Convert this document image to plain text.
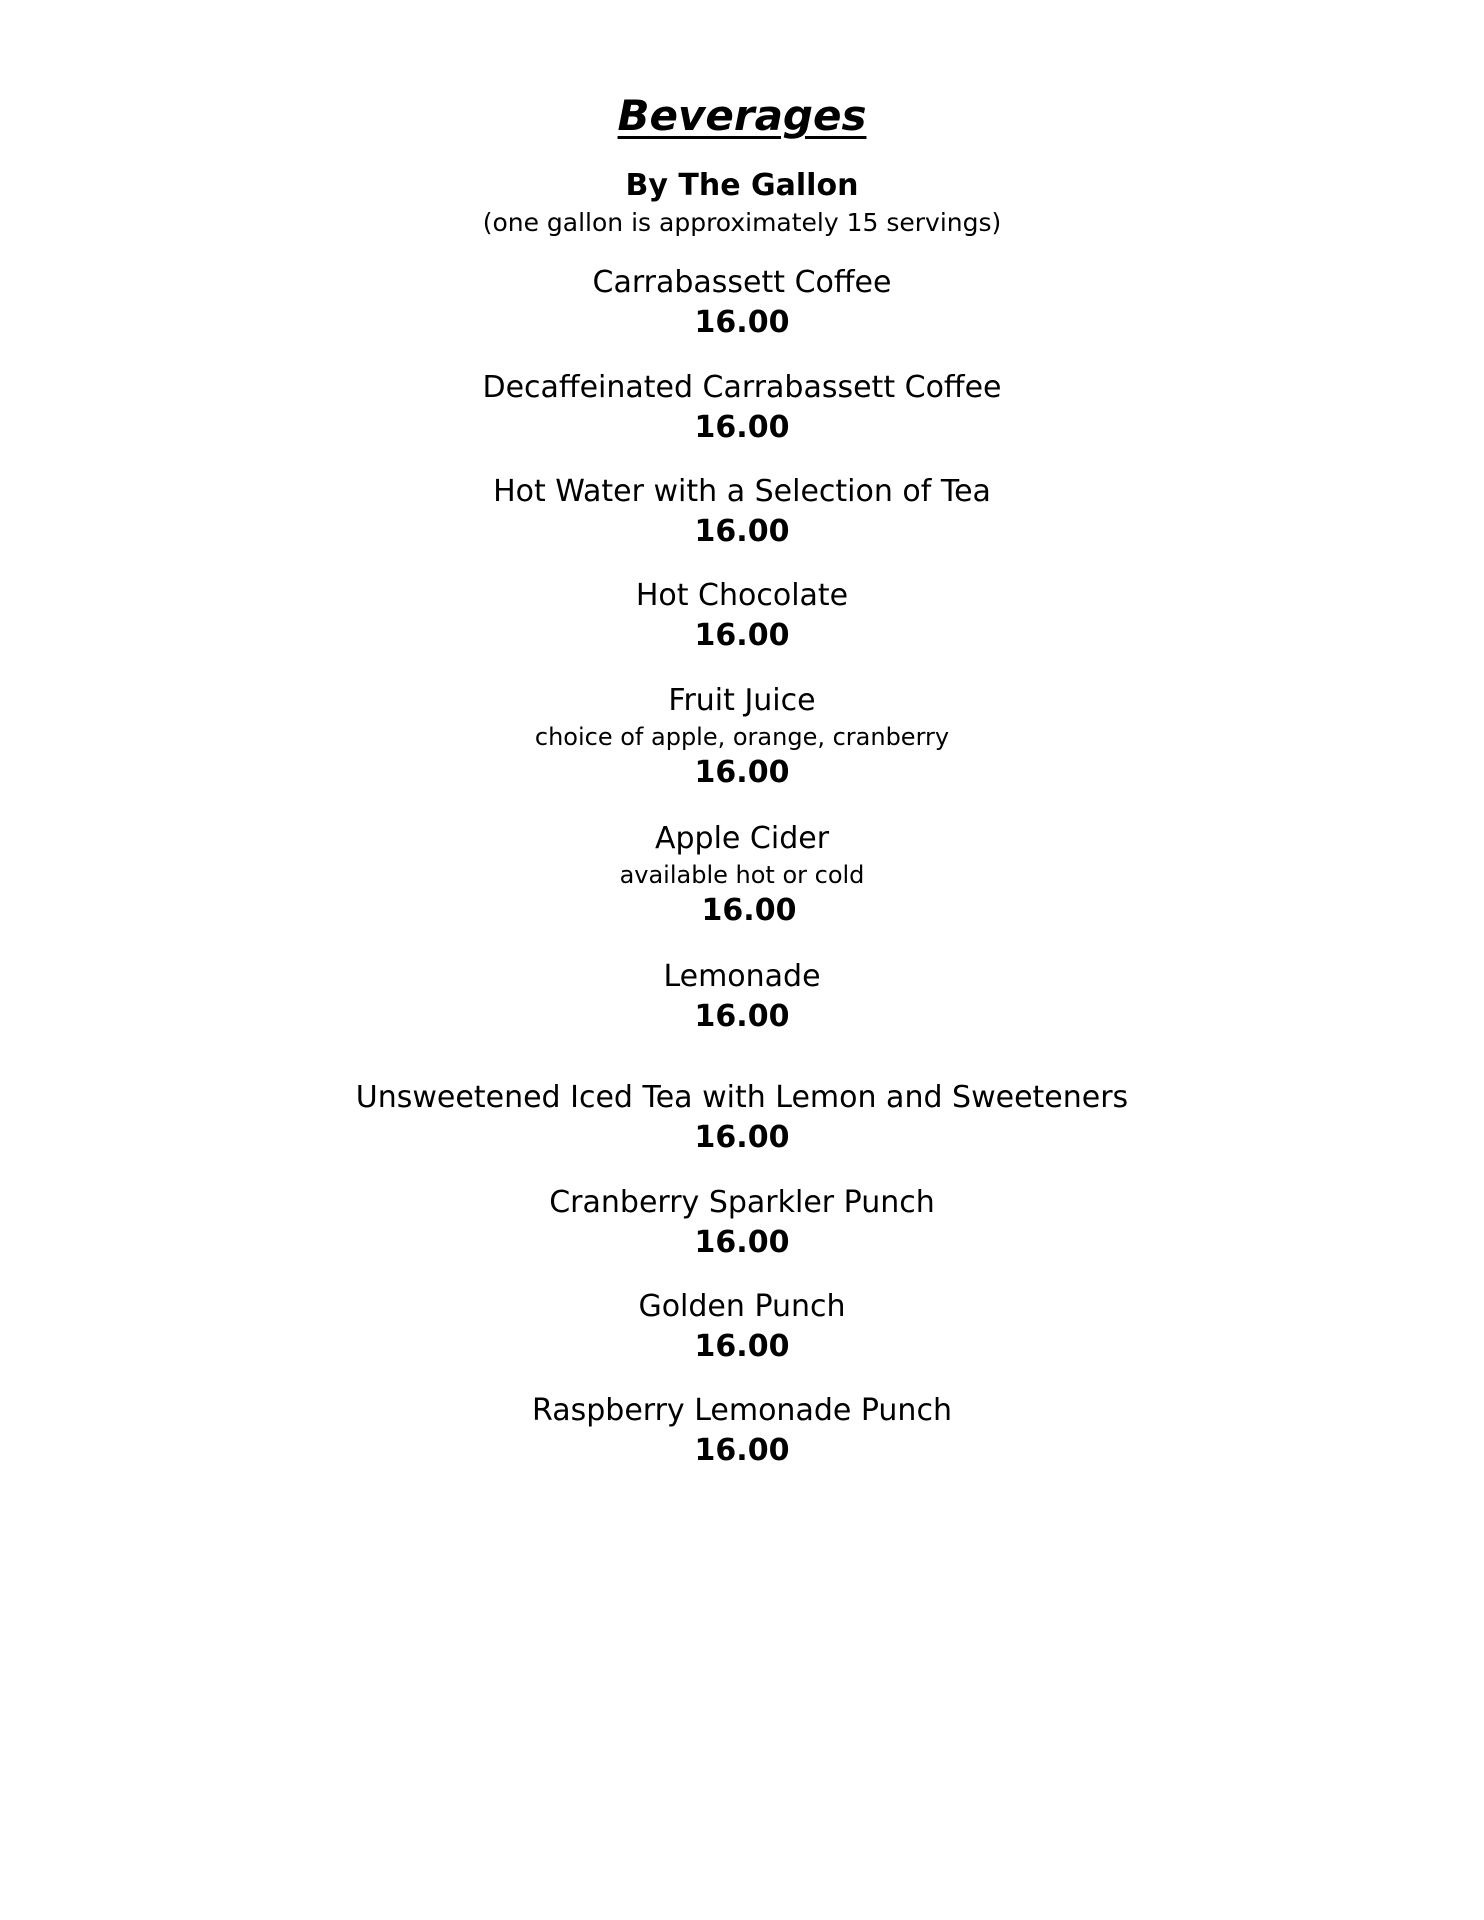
Beverages
By The Gallon
(one gallon is approximately 15 servings)
Carrabassett Coffee
16.00
Decaffeinated Carrabassett Coffee
16.00
Hot Water with a Selection of Tea
16.00
Hot Chocolate
16.00
Fruit Juice
choice of apple, orange, cranberry
16.00
Apple Cider
available hot or cold
16.00
Lemonade
16.00
Unsweetened Iced Tea with Lemon and Sweeteners
16.00
Cranberry Sparkler Punch
16.00
Golden Punch
16.00
Raspberry Lemonade Punch
16.00
